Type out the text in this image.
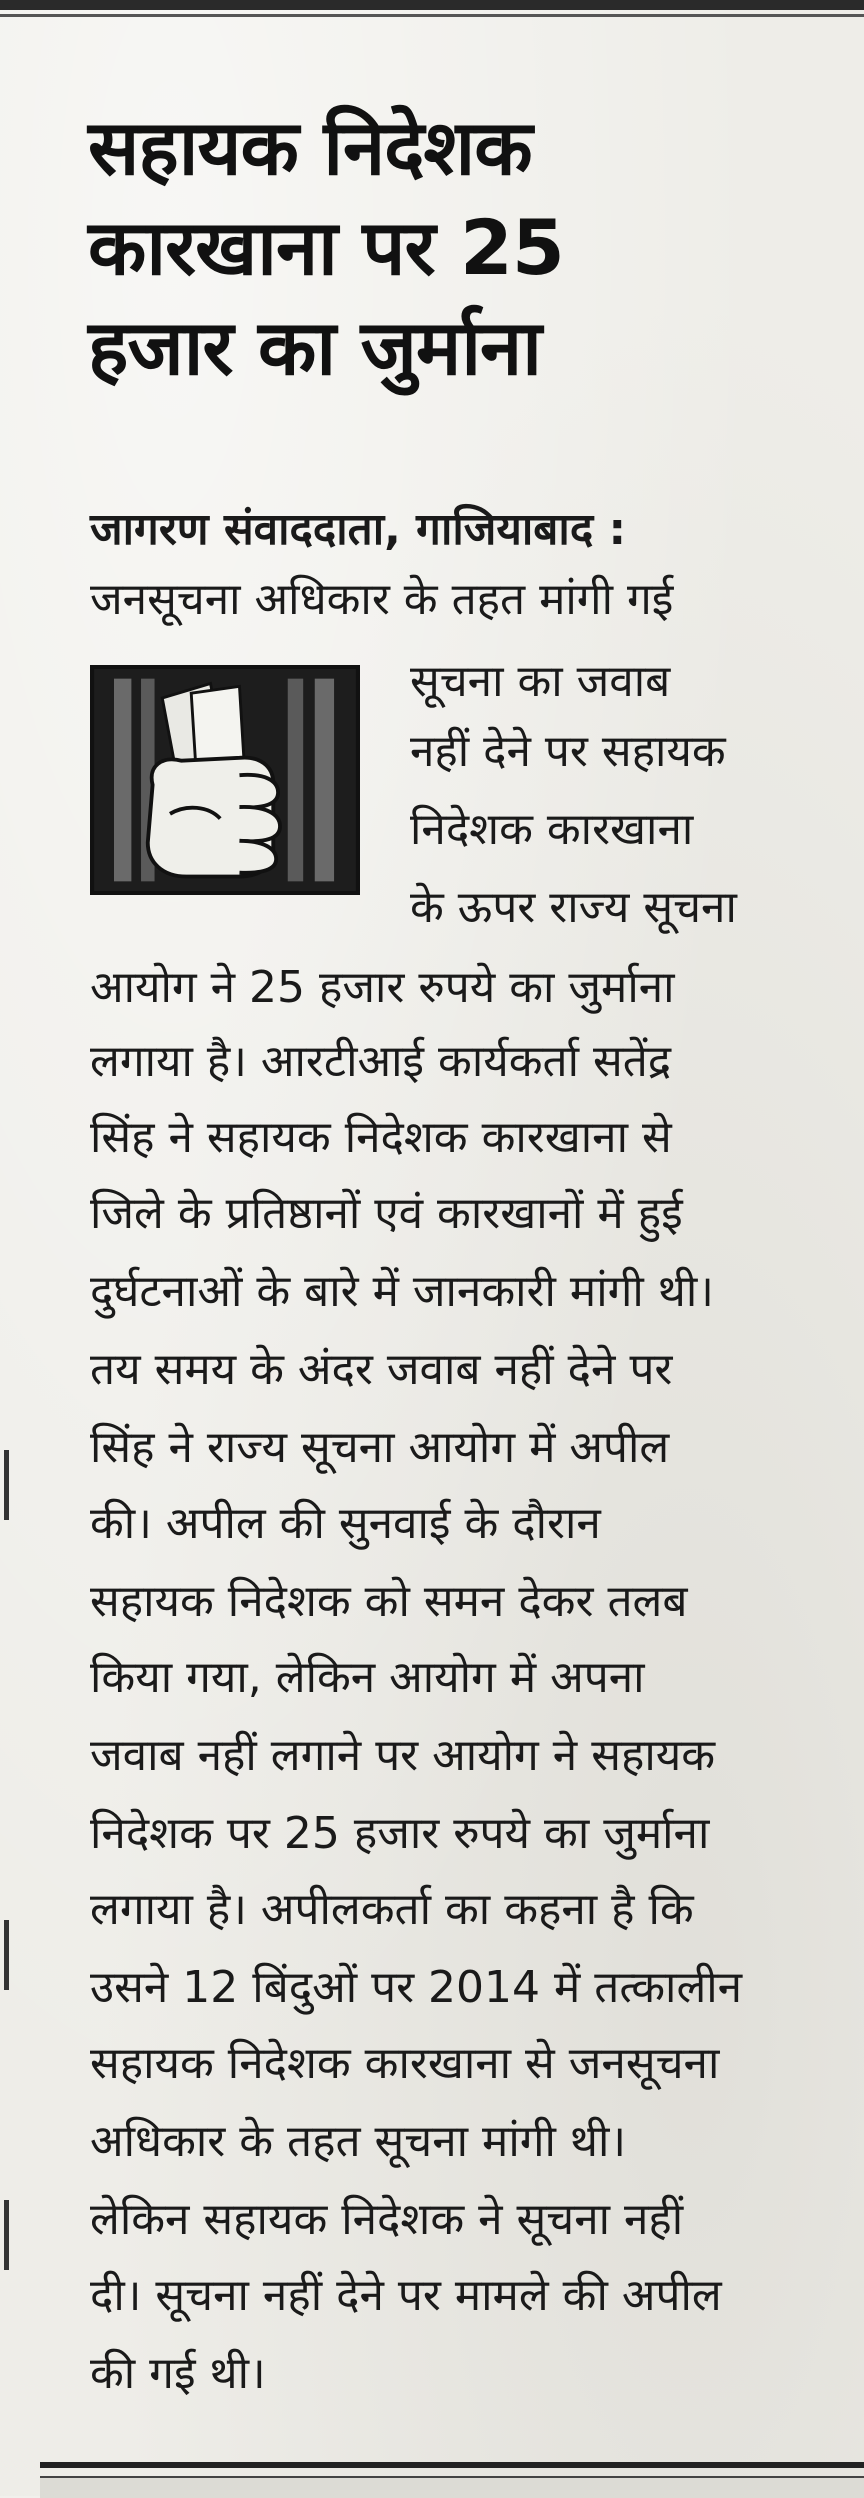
सहायक निदेशक
कारखाना पर 25
हजार का जुर्माना
जागरण संवाददाता, गाजियाबाद :
जनसूचना अधिकार के तहत मांगी गई
सूचना का जवाब
नहीं देने पर सहायक
निदेशक कारखाना
के ऊपर राज्य सूचना
आयोग ने 25 हजार रुपये का जुर्माना
लगाया है। आरटीआई कार्यकर्ता सतेंद्र
सिंह ने सहायक निदेशक कारखाना से
जिले के प्रतिष्ठानों एवं कारखानों में हुई
दुर्घटनाओं के बारे में जानकारी मांगी थी।
तय समय के अंदर जवाब नहीं देने पर
सिंह ने राज्य सूचना आयोग में अपील
की। अपील की सुनवाई के दौरान
सहायक निदेशक को समन देकर तलब
किया गया, लेकिन आयोग में अपना
जवाब नहीं लगाने पर आयोग ने सहायक
निदेशक पर 25 हजार रुपये का जुर्माना
लगाया है। अपीलकर्ता का कहना है कि
उसने 12 बिंदुओं पर 2014 में तत्कालीन
सहायक निदेशक कारखाना से जनसूचना
अधिकार के तहत सूचना मांगी थी।
लेकिन सहायक निदेशक ने सूचना नहीं
दी। सूचना नहीं देने पर मामले की अपील
की गई थी।
